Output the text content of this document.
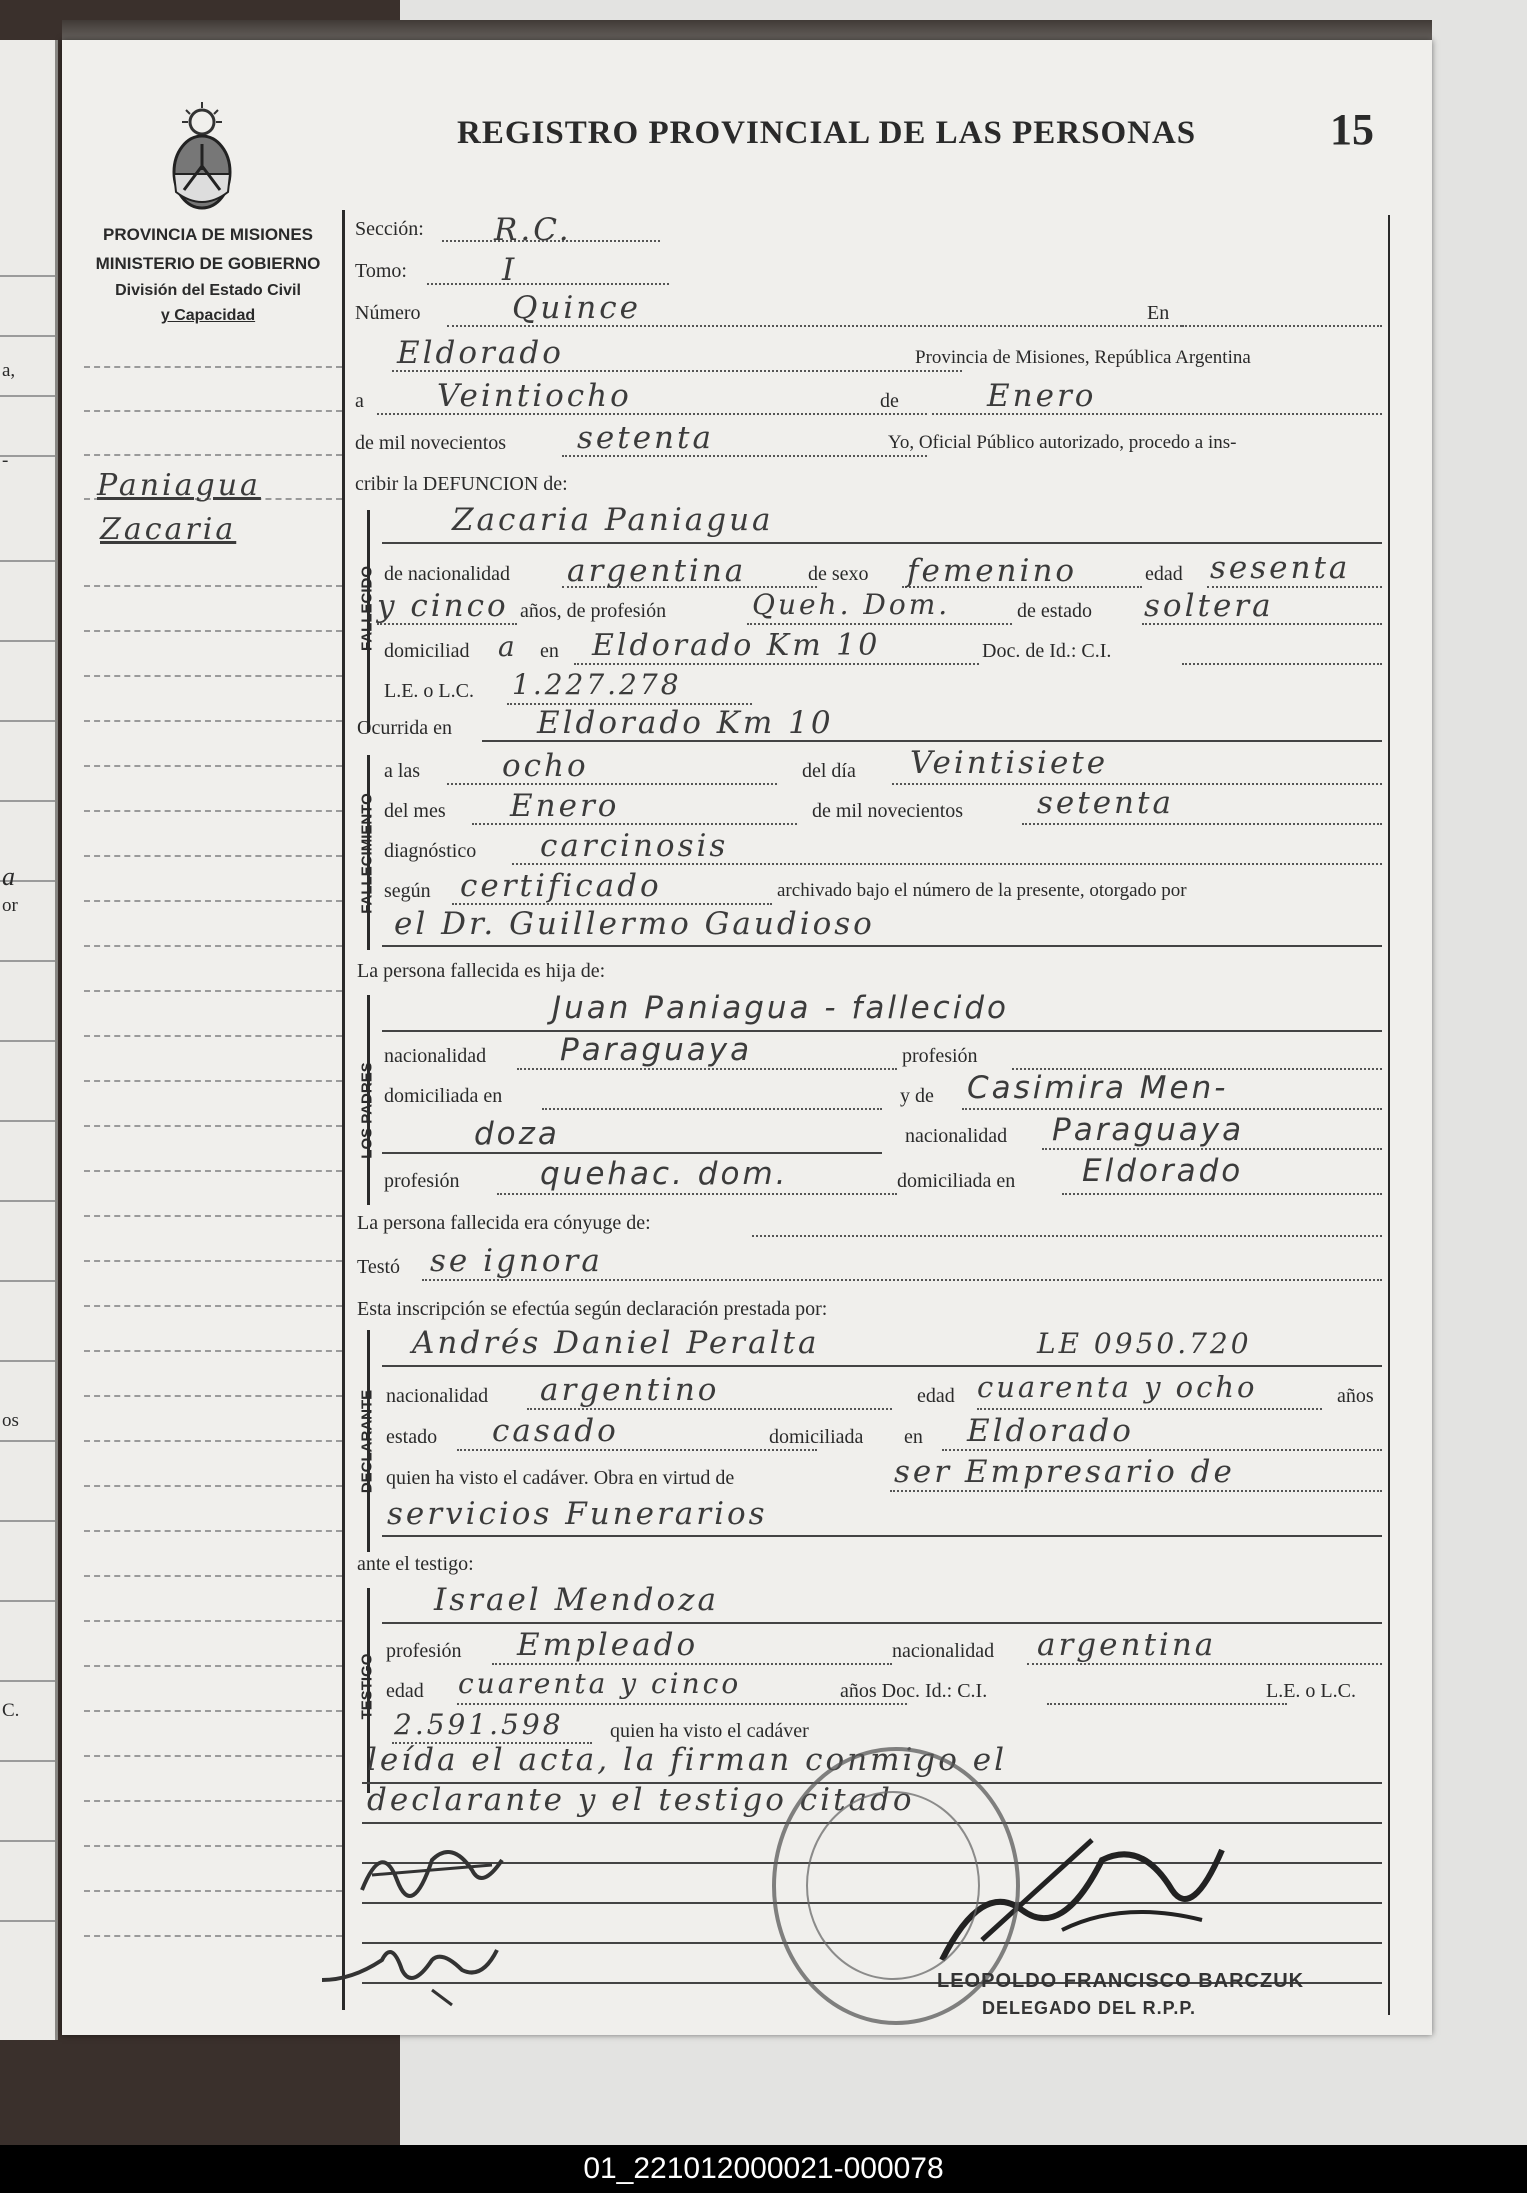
a,
-
a
or
os
C.
PROVINCIA DE MISIONES
MINISTERIO DE GOBIERNO
División del Estado Civil
y Capacidad
REGISTRO PROVINCIAL DE LAS PERSONAS	15
Paniagua
Zacaria
Sección: R.C.
Tomo:	I
Número	Quince	En
Eldorado	Provincia de Misiones, República Argentina
a Veintiocho	de	Enero
de mil novecientos setenta	Yo, Oficial Público autorizado, procedo a ins-
cribir la DEFUNCION de:
FALLECIDO
Zacaria Paniagua
de nacionalidad argentina	de sexo femenino	edad sesenta
y cinco años, de profesión	Queh. Dom.	de estado soltera
domiciliad a en Eldorado Km 10	Doc. de Id.: C.I.
L.E. o L.C. 1.227.278
Ocurrida en	Eldorado Km 10
FALLECIMIENTO
a las	ocho	del día Veintisiete
del mes Enero	de mil novecientos setenta
diagnóstico carcinosis
según certificado	archivado bajo el número de la presente, otorgado por
el Dr. Guillermo Gaudioso
La persona fallecida es hija de:
LOS PADRES
Juan Paniagua - fallecido
nacionalidad Paraguaya	profesión
domiciliada en	y de Casimira Men-
doza	nacionalidad Paraguaya
profesión	quehac. dom.	domiciliada en Eldorado
La persona fallecida era cónyuge de:
Testó se ignora
Esta inscripción se efectúa según declaración prestada por:
DECLARANTE
Andrés Daniel Peralta	LE 0950.720
nacionalidad argentino	edad cuarenta y ocho	años
estado casado	domiciliada en Eldorado
quien ha visto el cadáver. Obra en virtud de	ser Empresario de
servicios Funerarios
ante el testigo:
TESTIGO
Israel Mendoza
profesión Empleado	nacionalidad argentina
edad cuarenta y cinco	años Doc. Id.: C.I.	L.E. o L.C.
2.591.598 quien ha visto el cadáver
leída el acta, la firman conmigo el
declarante y el testigo citado
LEOPOLDO FRANCISCO BARCZUK
DELEGADO DEL R.P.P.
01_221012000021-000078
